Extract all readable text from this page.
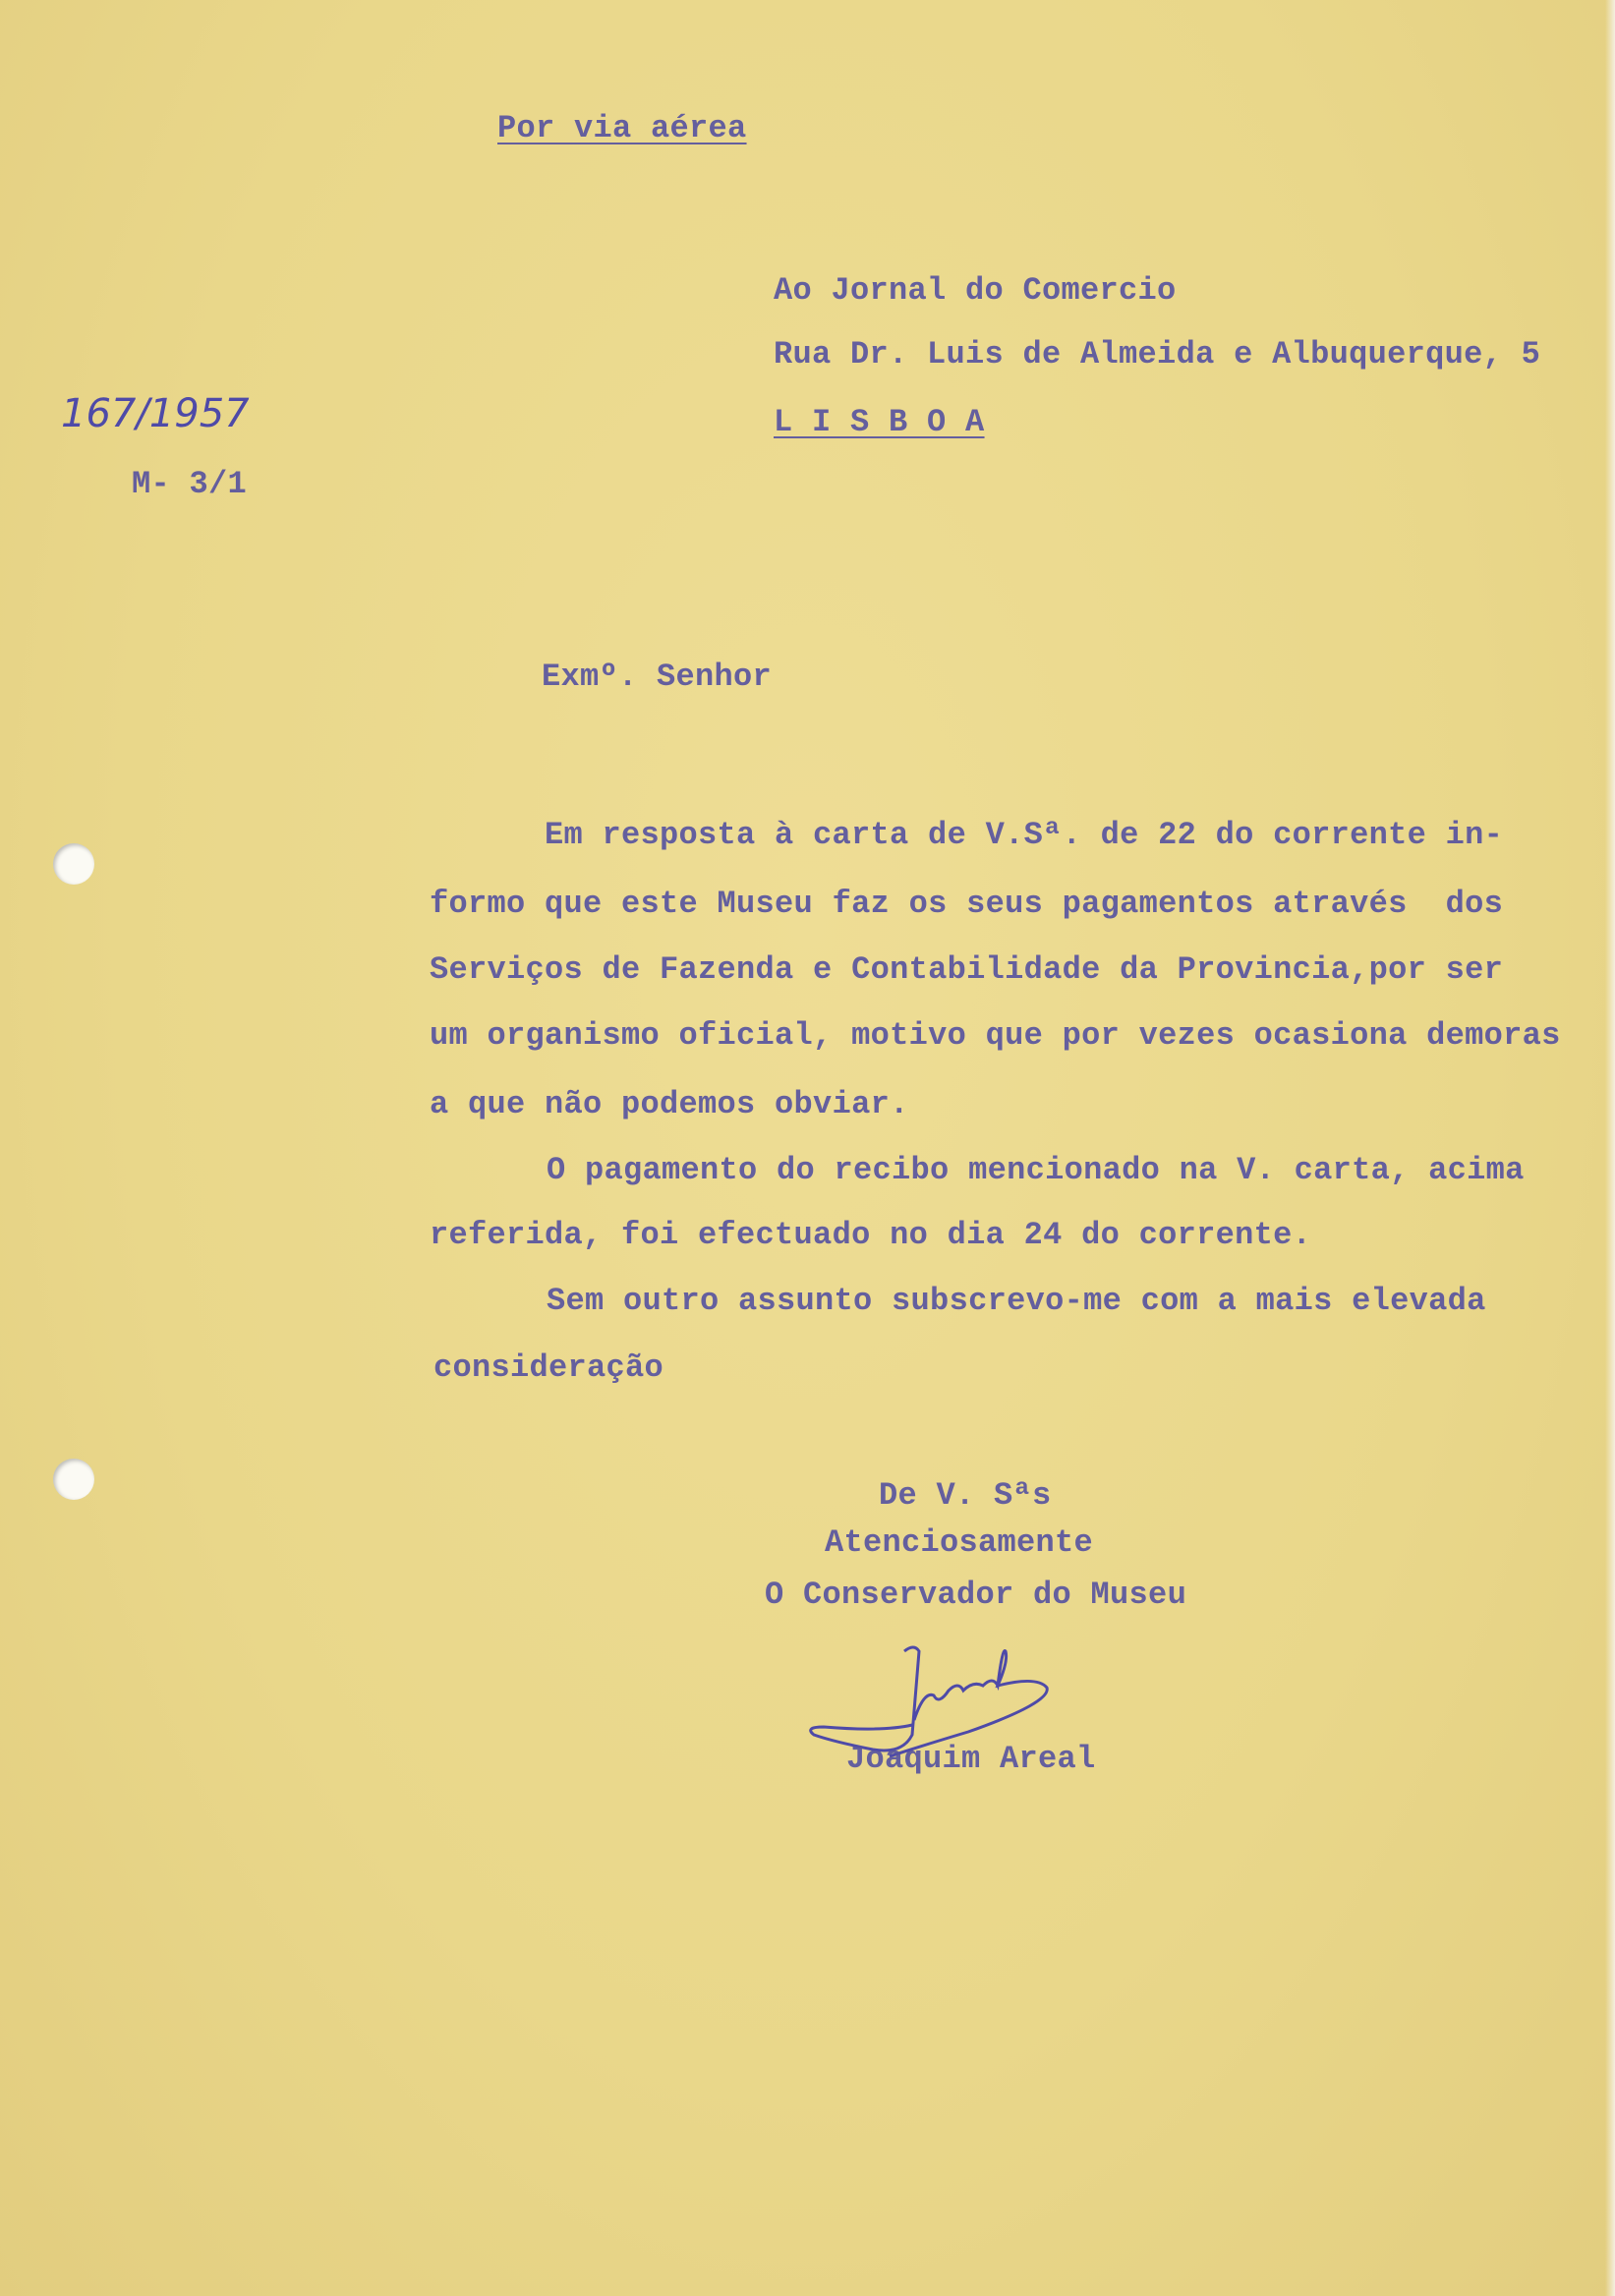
Por via aérea
Ao Jornal do Comercio
Rua Dr. Luis de Almeida e Albuquerque, 5
L I S B O A
167/1957
M- 3/1
Exmº. Senhor
Em resposta à carta de V.Sª. de 22 do corrente in-
formo que este Museu faz os seus pagamentos através  dos
Serviços de Fazenda e Contabilidade da Provincia,por ser
um organismo oficial, motivo que por vezes ocasiona demoras
a que não podemos obviar.
O pagamento do recibo mencionado na V. carta, acima
referida, foi efectuado no dia 24 do corrente.
Sem outro assunto subscrevo-me com a mais elevada
consideração
De V. Sªs
Atenciosamente
O Conservador do Museu
Joaquim Areal
